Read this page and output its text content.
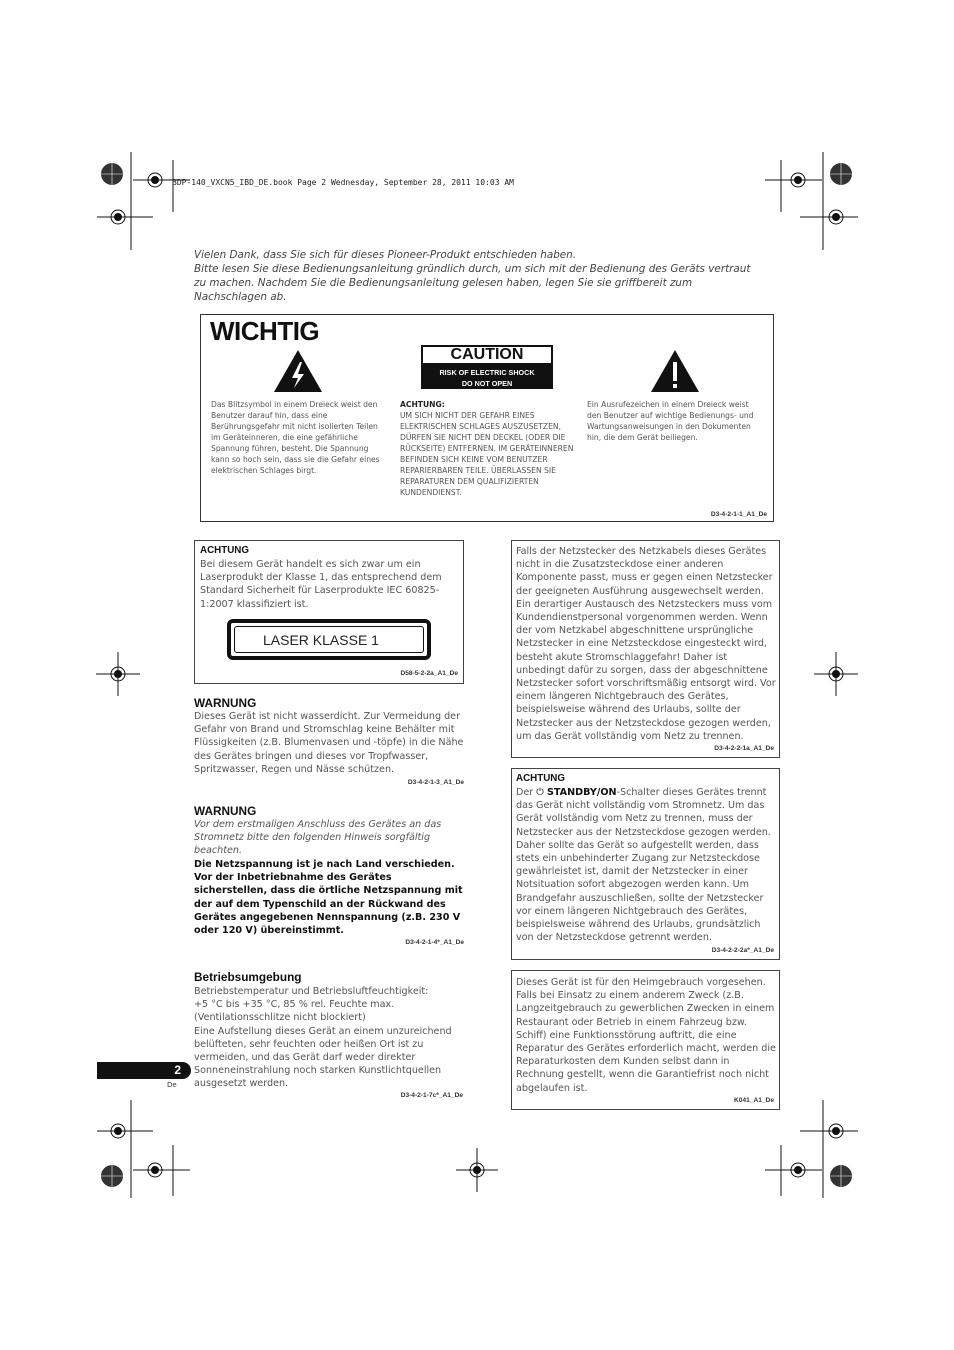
BDP-140_VXCN5_IBD_DE.book Page 2 Wednesday, September 28, 2011 10:03 AM

Vielen Dank, dass Sie sich für dieses Pioneer-Produkt entschieden haben.

Bitte lesen Sie diese Bedienungsanleitung gründlich durch, um sich mit der Bedienung des Geräts vertraut zu machen. Nachdem Sie die Bedienungsanleitung gelesen haben, legen Sie sie griffbereit zum Nachschlagen ab.

WICHTIG
CAUTION
RISK OF ELECTRIC SHOCK
DO NOT OPEN
Das Blitzsymbol in einem Dreieck weist den Benutzer darauf hin, dass eine Berührungsgefahr mit nicht isolierten Teilen im Geräteinneren, die eine gefährliche Spannung führen, besteht. Die Spannung kann so hoch sein, dass sie die Gefahr eines elektrischen Schlages birgt.
ACHTUNG:
UM SICH NICHT DER GEFAHR EINES ELEKTRISCHEN SCHLAGES AUSZUSETZEN, DÜRFEN SIE NICHT DEN DECKEL (ODER DIE RÜCKSEITE) ENTFERNEN. IM GERÄTEINNEREN BEFINDEN SICH KEINE VOM BENUTZER REPARIERBAREN TEILE. ÜBERLASSEN SIE REPARATUREN DEM QUALIFIZIERTEN KUNDENDIENST.
Ein Ausrufezeichen in einem Dreieck weist den Benutzer auf wichtige Bedienungs- und Wartungsanweisungen in den Dokumenten hin, die dem Gerät beiliegen.
D3-4-2-1-1_A1_De
ACHTUNG
Bei diesem Gerät handelt es sich zwar um ein Laserprodukt der Klasse 1, das entsprechend dem Standard Sicherheit für Laserprodukte IEC 60825-1:2007 klassifiziert ist.
LASER KLASSE 1
D58-5-2-2a_A1_De
WARNUNG
Dieses Gerät ist nicht wasserdicht. Zur Vermeidung der Gefahr von Brand und Stromschlag keine Behälter mit Flüssigkeiten (z.B. Blumenvasen und -töpfe) in die Nähe des Gerätes bringen und dieses vor Tropfwasser, Spritzwasser, Regen und Nässe schützen.
D3-4-2-1-3_A1_De
WARNUNG
Vor dem erstmaligen Anschluss des Gerätes an das Stromnetz bitte den folgenden Hinweis sorgfältig beachten.
Die Netzspannung ist je nach Land verschieden. Vor der Inbetriebnahme des Gerätes sicherstellen, dass die örtliche Netzspannung mit der auf dem Typenschild an der Rückwand des Gerätes angegebenen Nennspannung (z.B. 230 V oder 120 V) übereinstimmt.
D3-4-2-1-4*_A1_De
Betriebsumgebung

Betriebstemperatur und Betriebsluftfeuchtigkeit:

+5 °C bis +35 °C, 85 % rel. Feuchte max. (Ventilationsschlitze nicht blockiert)

Eine Aufstellung dieses Gerät an einem unzureichend belüfteten, sehr feuchten oder heißen Ort ist zu vermeiden, und das Gerät darf weder direkter Sonneneinstrahlung noch starken Kunstlichtquellen ausgesetzt werden.

D3-4-2-1-7c*_A1_De
Falls der Netzstecker des Netzkabels dieses Gerätes nicht in die Zusatzsteckdose einer anderen Komponente passt, muss er gegen einen Netzstecker der geeigneten Ausführung ausgewechselt werden. Ein derartiger Austausch des Netzsteckers muss vom Kundendienstpersonal vorgenommen werden. Wenn der vom Netzkabel abgeschnittene ursprüngliche Netzstecker in eine Netzsteckdose eingesteckt wird, besteht akute Stromschlaggefahr! Daher ist unbedingt dafür zu sorgen, dass der abgeschnittene Netzstecker sofort vorschriftsmäßig entsorgt wird. Vor einem längeren Nichtgebrauch des Gerätes, beispielsweise während des Urlaubs, sollte der Netzstecker aus der Netzsteckdose gezogen werden, um das Gerät vollständig vom Netz zu trennen.
D3-4-2-2-1a_A1_De
ACHTUNG
Der ⏻ STANDBY/ON-Schalter dieses Gerätes trennt das Gerät nicht vollständig vom Stromnetz. Um das Gerät vollständig vom Netz zu trennen, muss der Netzstecker aus der Netzsteckdose gezogen werden. Daher sollte das Gerät so aufgestellt werden, dass stets ein unbehinderter Zugang zur Netzsteckdose gewährleistet ist, damit der Netzstecker in einer Notsituation sofort abgezogen werden kann. Um Brandgefahr auszuschließen, sollte der Netzstecker vor einem längeren Nichtgebrauch des Gerätes, beispielsweise während des Urlaubs, grundsätzlich von der Netzsteckdose getrennt werden.
D3-4-2-2-2a*_A1_De
Dieses Gerät ist für den Heimgebrauch vorgesehen. Falls bei Einsatz zu einem anderem Zweck (z.B. Langzeitgebrauch zu gewerblichen Zwecken in einem Restaurant oder Betrieb in einem Fahrzeug bzw. Schiff) eine Funktionsstörung auftritt, die eine Reparatur des Gerätes erforderlich macht, werden die Reparaturkosten dem Kunden selbst dann in Rechnung gestellt, wenn die Garantiefrist noch nicht abgelaufen ist.
K041_A1_De
2
De
